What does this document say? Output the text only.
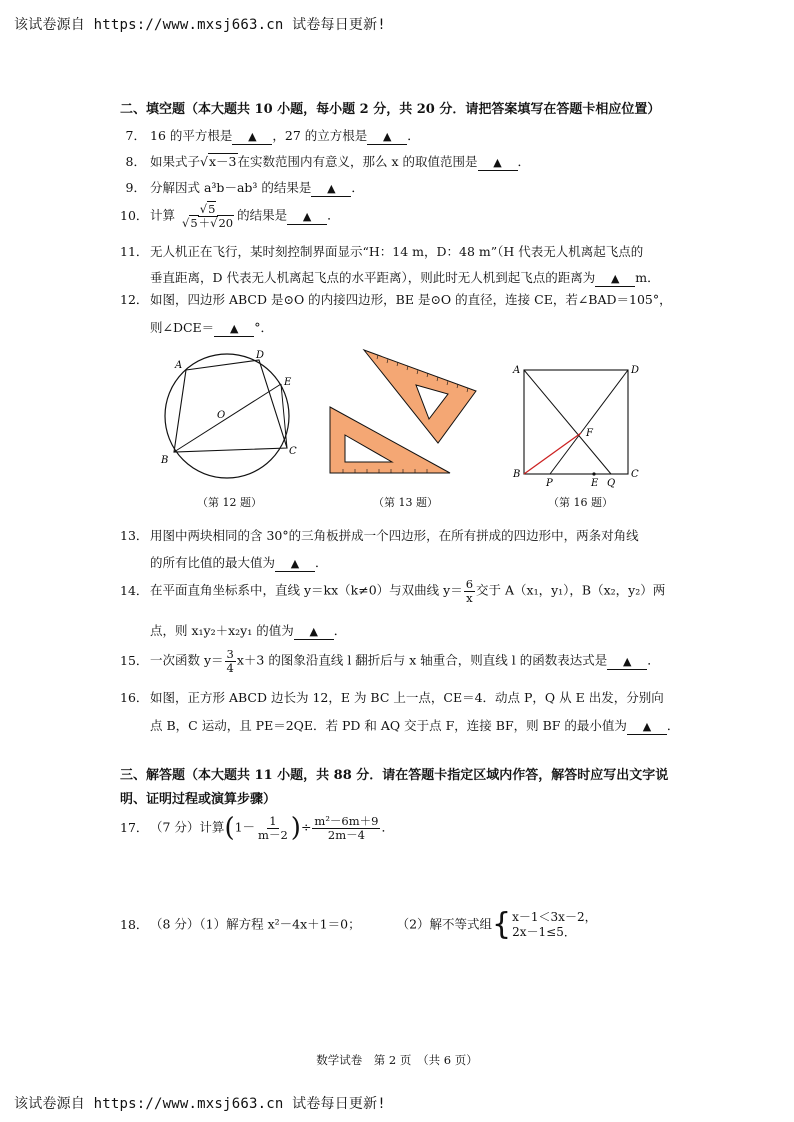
该试卷源自 https://www.mxsj663.cn 试卷每日更新!
二、填空题（本大题共 10 小题，每小题 2 分，共 20 分．请把答案填写在答题卡相应位置）
7． 16 的平方根是 ▲ ，27 的立方根是 ▲ ．
8． 如果式子√x－3在实数范围内有意义，那么 x 的取值范围是 ▲ ．
9． 分解因式 a³b－ab³ 的结果是 ▲ ．
10． 计算 $\frac{√5}{√5+√20}$ 的结果是 ▲ ．
11． 无人机正在飞行，某时刻控制界面显示“H：14 m，D：48 m”（H 代表无人机离起飞点的
垂直距离，D 代表无人机离起飞点的水平距离），则此时无人机到起飞点的距离为 ▲ m．
12． 如图，四边形 ABCD 是⊙O 的内接四边形，BE 是⊙O 的直径，连接 CE，若∠BAD＝105°，
则∠DCE＝ ▲ °．
A
D
E
O
B
C
（第 12 题）	（第 13 题）
A	D
F
B
P	E Q
C
（第 16 题）
13． 用图中两块相同的含 30°的三角板拼成一个四边形，在所有拼成的四边形中，两条对角线
的所有比值的最大值为 ▲ ．
14． 在平面直角坐标系中，直线 y＝kx（k≠0）与双曲线 $y= \frac{6}{x}$ 交于 A（x₁，y₁），B（x₂，y₂）两
点，则 x₁y₂＋x₂y₁ 的值为 ▲ ．
15． 一次函数 $y= \frac{3}{4} x+3$ 的图象沿直线 l 翻折后与 x 轴重合，则直线 l 的函数表达式是 ▲ ．
16． 如图，正方形 ABCD 边长为 12，E 为 BC 上一点，CE＝4．动点 P，Q 从 E 出发，分别向
点 B，C 运动，且 PE＝2QE．若 PD 和 AQ 交于点 F，连接 BF，则 BF 的最小值为 ▲ ．
三、解答题（本大题共 11 小题，共 88 分．请在答题卡指定区域内作答，解答时应写出文字说
明、证明过程或演算步骤）
17． （7 分）计算($1- \frac{1}{m-2}$ )÷ $\frac{\text{m²－6m＋9}}{2m-4}$ ．
18． （8 分）（1）解方程 x²－4x＋1＝0；	（2）解不等式组 { x－1＜3x－2，
2x－1≤5．
数学试卷　第 2 页　（共 6 页）
该试卷源自 https://www.mxsj663.cn 试卷每日更新!
